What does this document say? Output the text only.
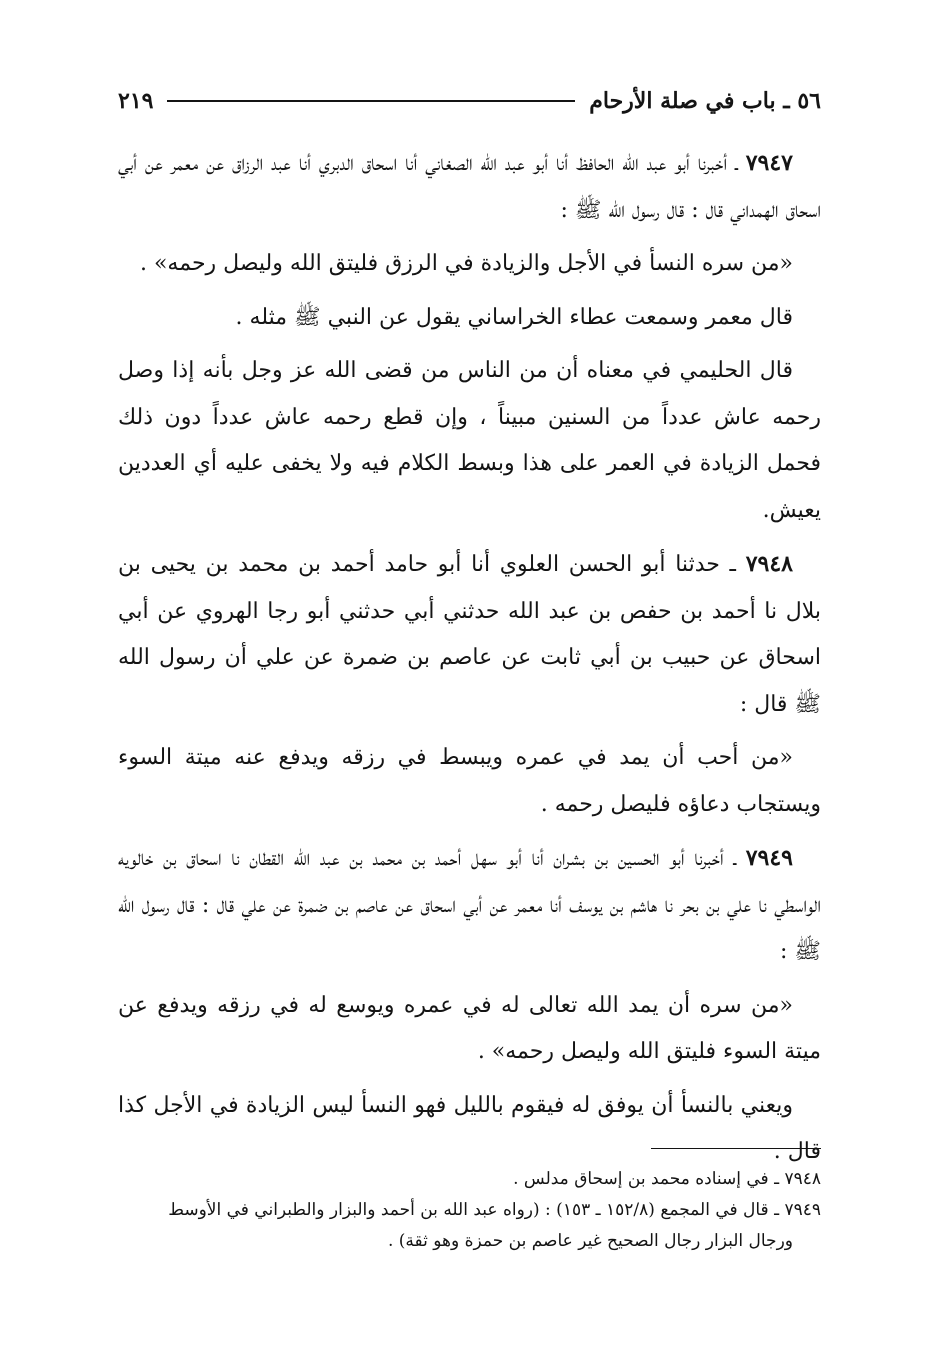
٥٦ ـ باب في صلة الأرحام
٢١٩

٧٩٤٧ ـ أخبرنا أبو عبد الله الحافظ أنا أبو عبد الله الصغاني أنا اسحاق الدبري أنا عبد الرزاق عن معمر عن أبي اسحاق الهمداني قال : قال رسول الله ﷺ :

«من سره النسأ في الأجل والزيادة في الرزق فليتق الله وليصل رحمه» .

قال معمر وسمعت عطاء الخراساني يقول عن النبي ﷺ مثله .

قال الحليمي في معناه أن من الناس من قضى الله عز وجل بأنه إذا وصل رحمه عاش عدداً من السنين مبيناً ، وإن قطع رحمه عاش عدداً دون ذلك فحمل الزيادة في العمر على هذا وبسط الكلام فيه ولا يخفى عليه أي العددين يعيش.

٧٩٤٨ ـ حدثنا أبو الحسن العلوي أنا أبو حامد أحمد بن محمد بن يحيى بن بلال نا أحمد بن حفص بن عبد الله حدثني أبي حدثني أبو رجا الهروي عن أبي اسحاق عن حبيب بن أبي ثابت عن عاصم بن ضمرة عن علي أن رسول الله ﷺ قال :

«من أحب أن يمد في عمره ويبسط في رزقه ويدفع عنه ميتة السوء ويستجاب دعاؤه فليصل رحمه .

٧٩٤٩ ـ أخبرنا أبو الحسين بن بشران أنا أبو سهل أحمد بن محمد بن عبد الله القطان نا اسحاق بن خالويه الواسطي نا علي بن بحر نا هاشم بن يوسف أنا معمر عن أبي اسحاق عن عاصم بن ضمرة عن علي قال : قال رسول الله ﷺ :

«من سره أن يمد الله تعالى له في عمره ويوسع له في رزقه ويدفع عن ميتة السوء فليتق الله وليصل رحمه» .

ويعني بالنسأ أن يوفق له فيقوم بالليل فهو النسأ ليس الزيادة في الأجل كذا قال .

٧٩٤٨ ـ في إسناده محمد بن إسحاق مدلس .

٧٩٤٩ ـ قال في المجمع (١٥٢/٨ ـ ١٥٣) : (رواه عبد الله بن أحمد والبزار والطبراني في الأوسط

ورجال البزار رجال الصحيح غير عاصم بن حمزة وهو ثقة) .
